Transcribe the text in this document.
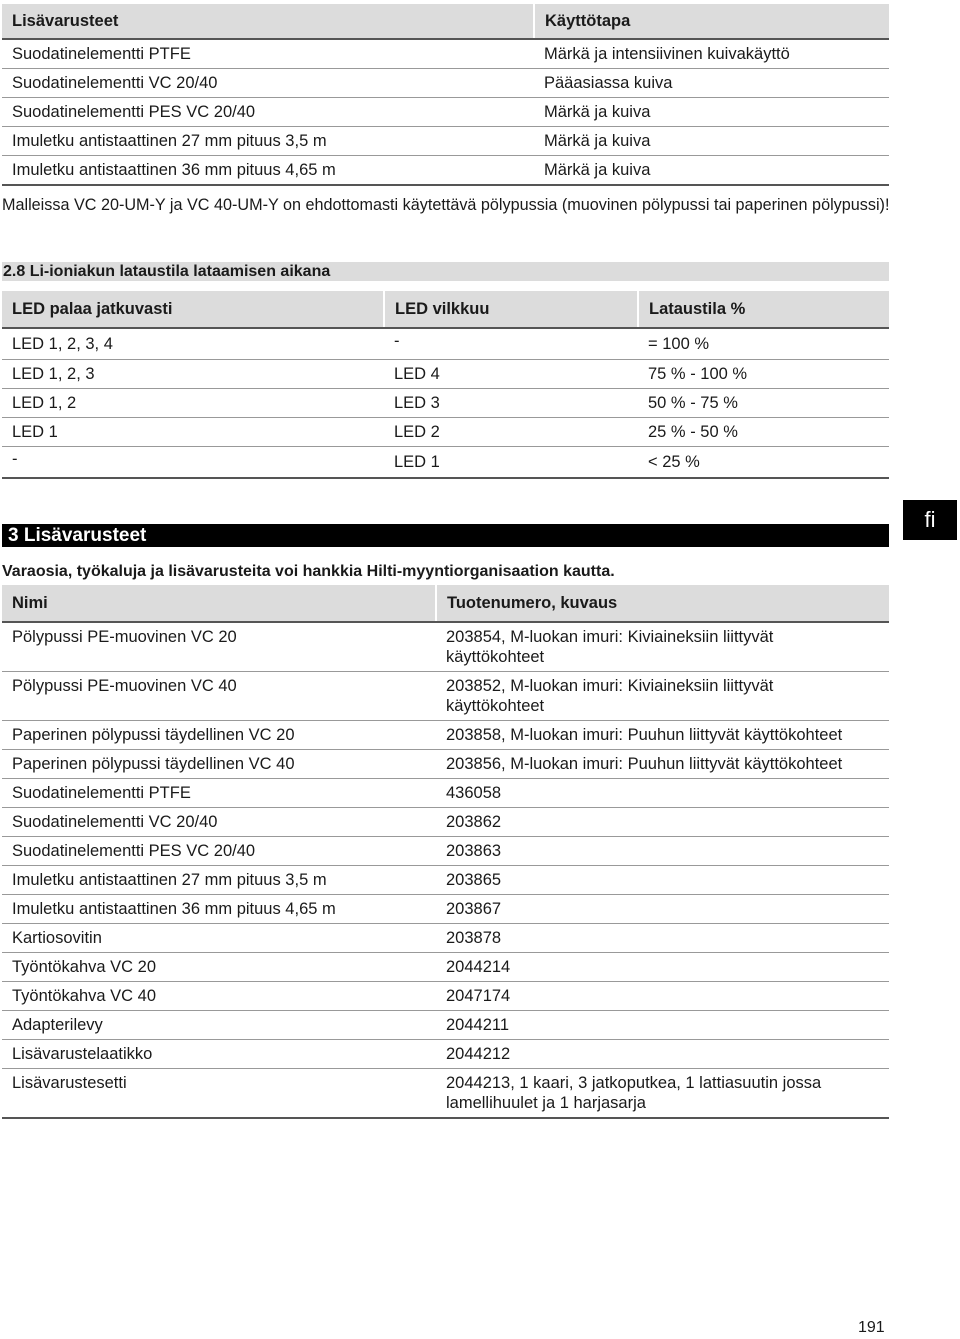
Lisävarusteet	Käyttötapa
Suodatinelementti PTFE	Märkä ja intensiivinen kuivakäyttö
Suodatinelementti VC 20/40	Pääasiassa kuiva
Suodatinelementti PES VC 20/40	Märkä ja kuiva
Imuletku antistaattinen 27 mm pituus 3,5 m	Märkä ja kuiva
Imuletku antistaattinen 36 mm pituus 4,65 m	Märkä ja kuiva
Malleissa VC 20-UM-Y ja VC 40-UM-Y on ehdottomasti käytettävä pölypussia (muovinen pölypussi tai paperinen pölypussi)!
2.8 Li-ioniakun lataustila lataamisen aikana
LED palaa jatkuvasti	LED vilkkuu	Lataustila %
LED 1, 2, 3, 4	-	= 100 %
LED 1, 2, 3	LED 4	75 % - 100 %
LED 1, 2	LED 3	50 % - 75 %
LED 1	LED 2	25 % - 50 %
-	LED 1	< 25 %
fi
3 Lisävarusteet
Varaosia, työkaluja ja lisävarusteita voi hankkia Hilti-myyntiorganisaation kautta.
Nimi	Tuotenumero, kuvaus
Pölypussi PE-muovinen VC 20	203854, M-luokan imuri: Kiviaineksiin liittyvät käyttökohteet
Pölypussi PE-muovinen VC 40	203852, M-luokan imuri: Kiviaineksiin liittyvät käyttökohteet
Paperinen pölypussi täydellinen VC 20	203858, M-luokan imuri: Puuhun liittyvät käyttökohteet
Paperinen pölypussi täydellinen VC 40	203856, M-luokan imuri: Puuhun liittyvät käyttökohteet
Suodatinelementti PTFE	436058
Suodatinelementti VC 20/40	203862
Suodatinelementti PES VC 20/40	203863
Imuletku antistaattinen 27 mm pituus 3,5 m	203865
Imuletku antistaattinen 36 mm pituus 4,65 m	203867
Kartiosovitin	203878
Työntökahva VC 20	2044214
Työntökahva VC 40	2047174
Adapterilevy	2044211
Lisävarustelaatikko	2044212
Lisävarustesetti	2044213, 1 kaari, 3 jatkoputkea, 1 lattiasuutin jossa lamellihuulet ja 1 harjasarja
191
